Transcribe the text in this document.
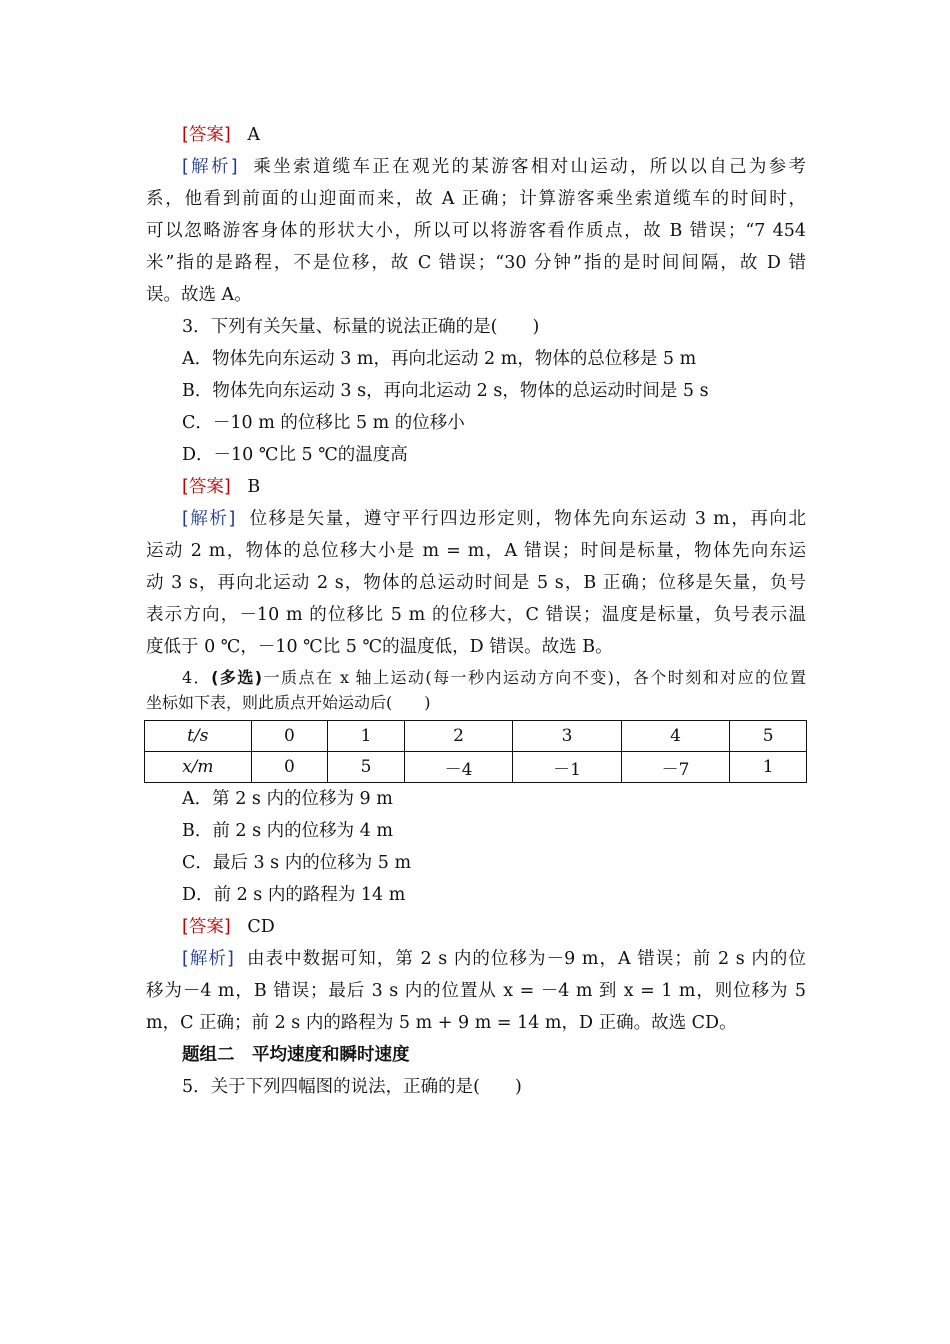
[答案] A
[解析] 乘坐索道缆车正在观光的某游客相对山运动，所以以自己为参考
系，他看到前面的山迎面而来，故 A 正确；计算游客乘坐索道缆车的时间时，
可以忽略游客身体的形状大小，所以可以将游客看作质点，故 B 错误；“7 454
米”指的是路程，不是位移，故 C 错误；“30 分钟”指的是时间间隔，故 D 错
误。故选 A。
3．下列有关矢量、标量的说法正确的是(　　)
A．物体先向东运动 3 m，再向北运动 2 m，物体的总位移是 5 m
B．物体先向东运动 3 s，再向北运动 2 s，物体的总运动时间是 5 s
C．－10 m 的位移比 5 m 的位移小
D．－10 ℃比 5 ℃的温度高
[答案] B
[解析] 位移是矢量，遵守平行四边形定则，物体先向东运动 3 m，再向北
运动 2 m，物体的总位移大小是 m = m，A 错误；时间是标量，物体先向东运
动 3 s，再向北运动 2 s，物体的总运动时间是 5 s，B 正确；位移是矢量，负号
表示方向，－10 m 的位移比 5 m 的位移大，C 错误；温度是标量，负号表示温
度低于 0 ℃，－10 ℃比 5 ℃的温度低，D 错误。故选 B。
4．(多选)一质点在 x 轴上运动(每一秒内运动方向不变)，各个时刻和对应的位置
坐标如下表，则此质点开始运动后(　　)
t/s	0	1	2	3	4	5
x/m	0	5	－4	－1	－7	1
A．第 2 s 内的位移为 9 m
B．前 2 s 内的位移为 4 m
C．最后 3 s 内的位移为 5 m
D．前 2 s 内的路程为 14 m
[答案] CD
[解析] 由表中数据可知，第 2 s 内的位移为－9 m，A 错误；前 2 s 内的位
移为－4 m，B 错误；最后 3 s 内的位置从 x = －4 m 到 x = 1 m，则位移为 5
m，C 正确；前 2 s 内的路程为 5 m + 9 m = 14 m，D 正确。故选 CD。
题组二　平均速度和瞬时速度
5．关于下列四幅图的说法，正确的是(　　)
